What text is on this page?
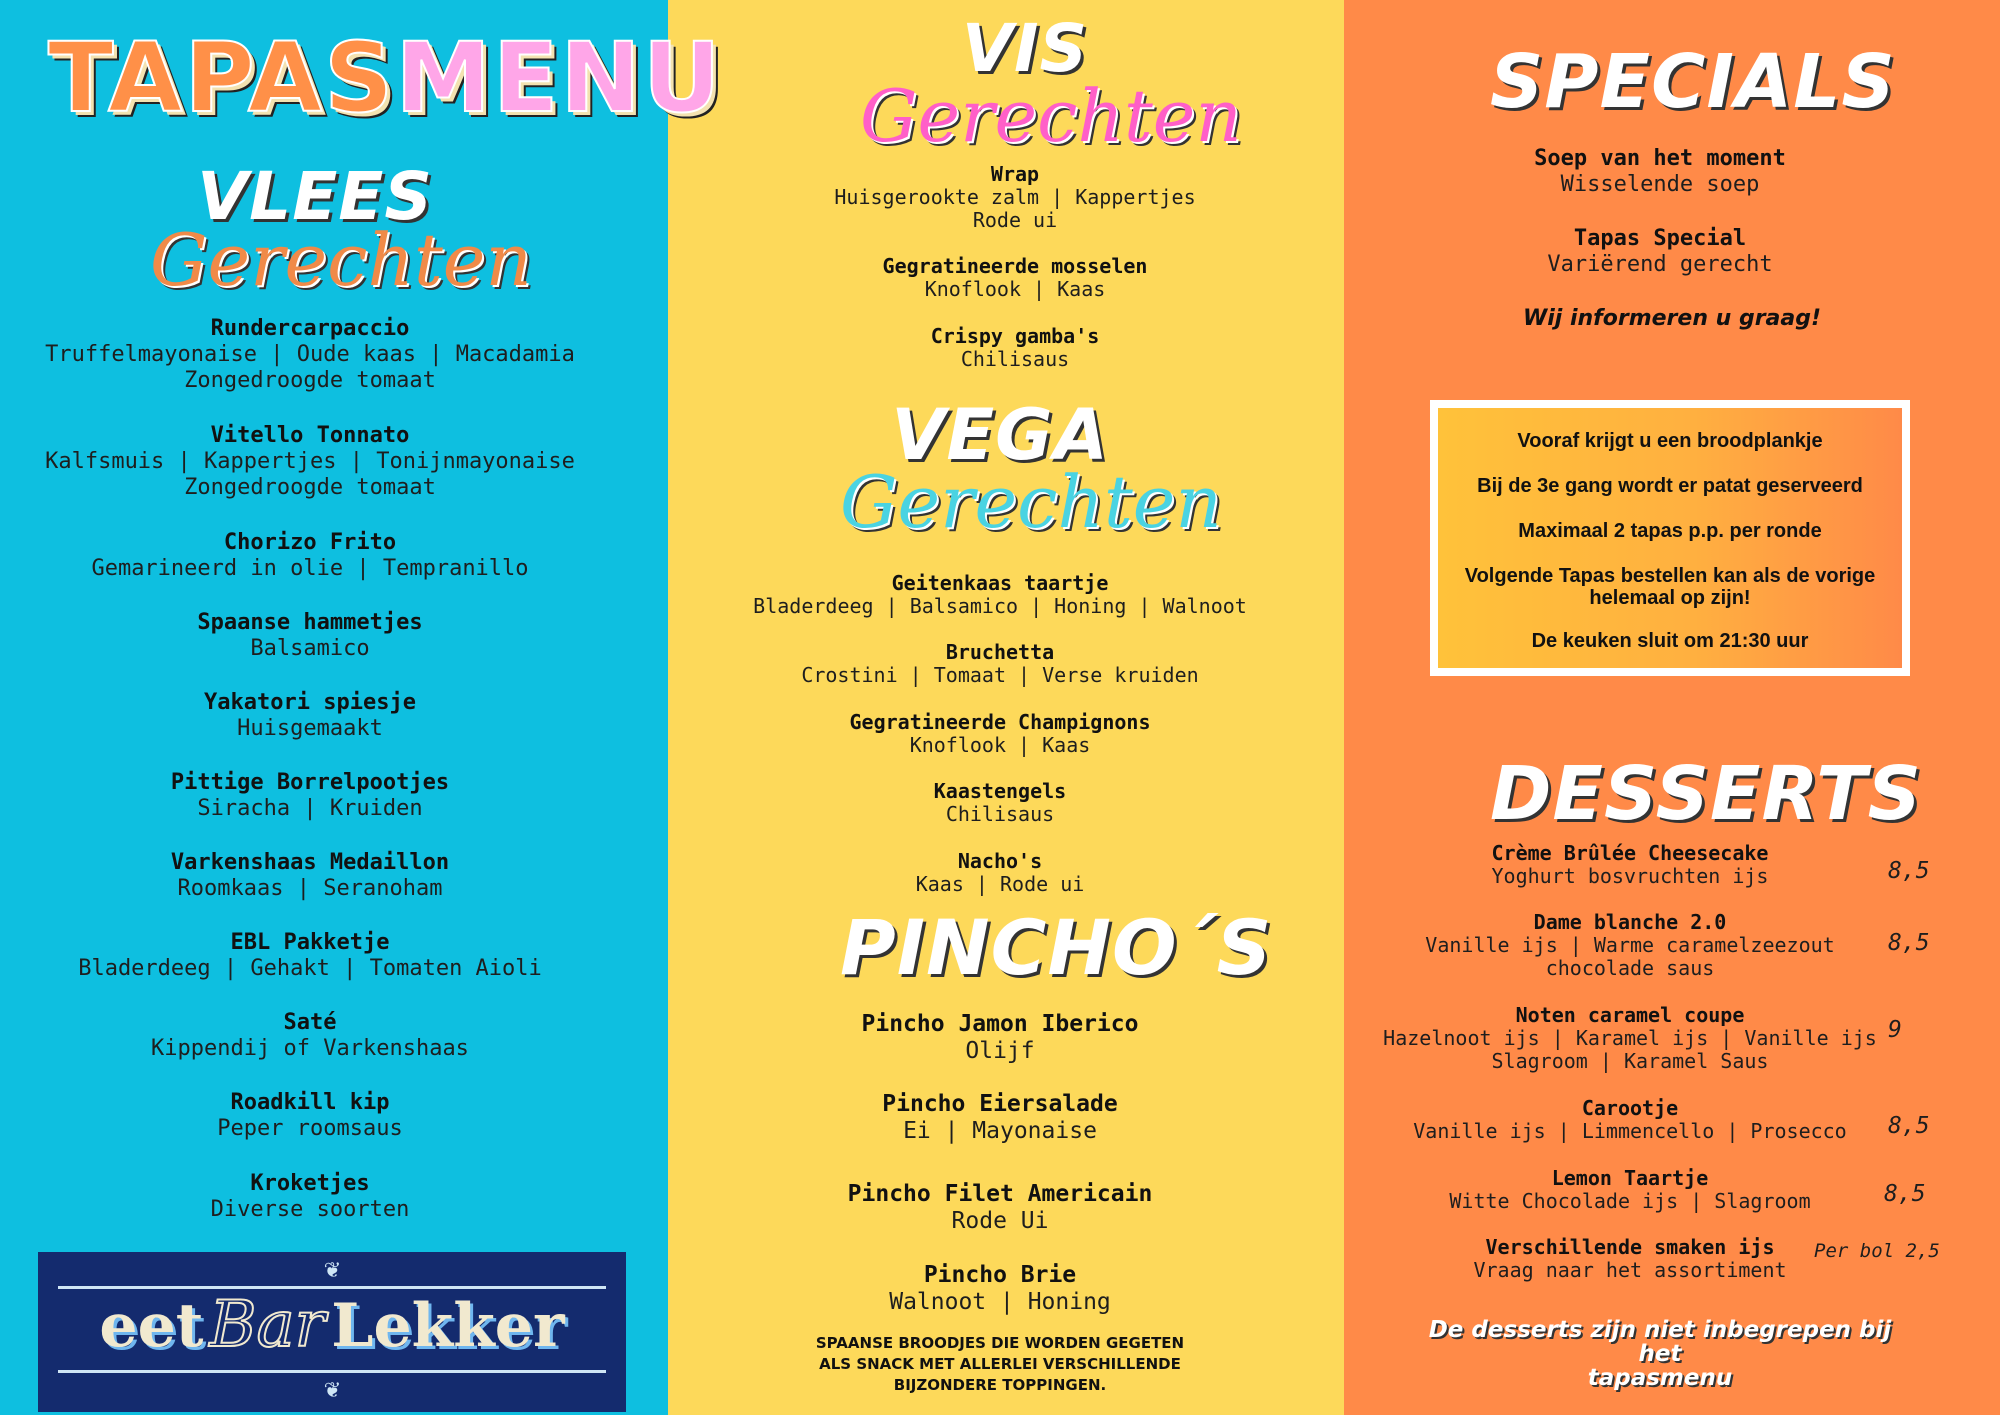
TAPASMENU
VLEES
Gerechten
Rundercarpaccio
Truffelmayonaise | Oude kaas | Macadamia
Zongedroogde tomaat
Vitello Tonnato
Kalfsmuis | Kappertjes | Tonijnmayonaise
Zongedroogde tomaat
Chorizo Frito
Gemarineerd in olie | Tempranillo
Spaanse hammetjes
Balsamico
Yakatori spiesje
Huisgemaakt
Pittige Borrelpootjes
Siracha | Kruiden
Varkenshaas Medaillon
Roomkaas | Seranoham
EBL Pakketje
Bladerdeeg | Gehakt | Tomaten Aioli
Saté
Kippendij of Varkenshaas
Roadkill kip
Peper roomsaus
Kroketjes
Diverse soorten
❦
eetBar Lekker
❦
VIS
Gerechten
Wrap
Huisgerookte zalm | Kappertjes
Rode ui
Gegratineerde mosselen
Knoflook | Kaas
Crispy gamba's
Chilisaus
VEGA
Gerechten
Geitenkaas taartje
Bladerdeeg | Balsamico | Honing | Walnoot
Bruchetta
Crostini | Tomaat | Verse kruiden
Gegratineerde Champignons
Knoflook | Kaas
Kaastengels
Chilisaus
Nacho's
Kaas | Rode ui
PINCHO´S
Pincho Jamon Iberico
Olijf
Pincho Eiersalade
Ei | Mayonaise
Pincho Filet Americain
Rode Ui
Pincho Brie
Walnoot | Honing
SPAANSE BROODJES DIE WORDEN GEGETEN
ALS SNACK MET ALLERLEI VERSCHILLENDE
BIJZONDERE TOPPINGEN.
SPECIALS
Soep van het moment
Wisselende soep
Tapas Special
Variërend gerecht
Wij informeren u graag!
Vooraf krijgt u een broodplankje
Bij de 3e gang wordt er patat geserveerd
Maximaal 2 tapas p.p. per ronde
Volgende Tapas bestellen kan als de vorige
helemaal op zijn!
De keuken sluit om 21:30 uur
DESSERTS
Crème Brûlée Cheesecake
Yoghurt bosvruchten ijs	8,5
Dame blanche 2.0
Vanille ijs | Warme caramelzeezout
chocolade saus
8,5
Noten caramel coupe
Hazelnoot ijs | Karamel ijs | Vanille ijs
Slagroom | Karamel Saus
9
Carootje
Vanille ijs | Limmencello | Prosecco	8,5
Lemon Taartje
Witte Chocolade ijs | Slagroom	8,5
Verschillende smaken ijs
Vraag naar het assortiment
Per bol 2,5
De desserts zijn niet inbegrepen bij het
tapasmenu
